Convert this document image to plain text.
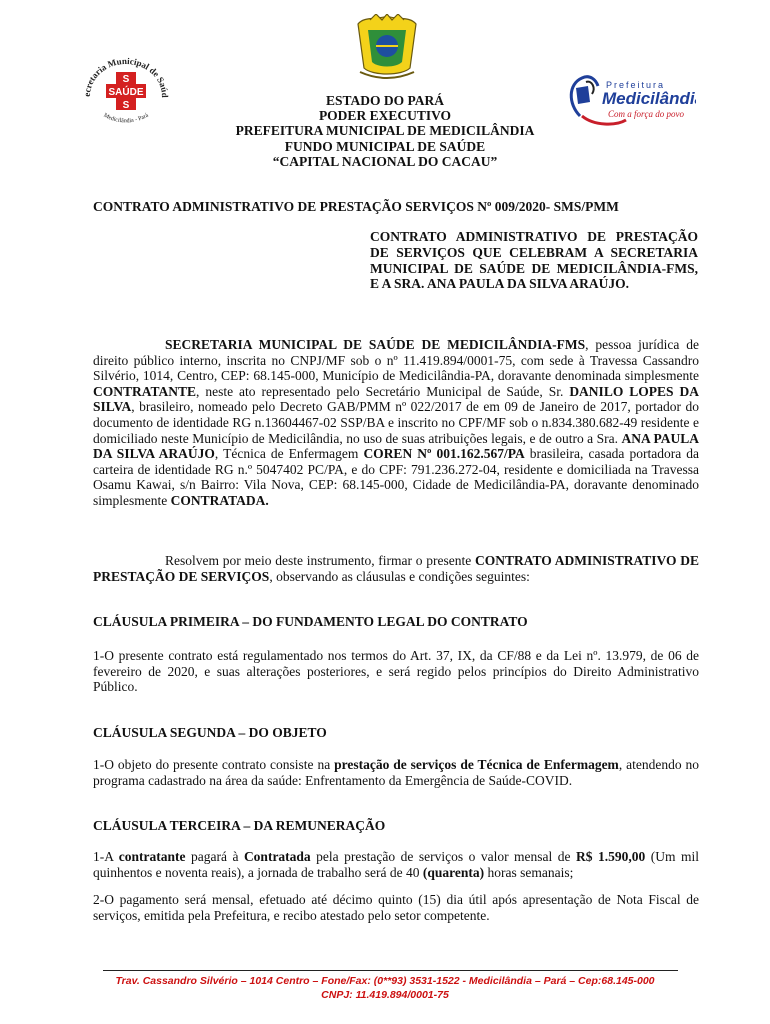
ecretaria Municipal de Saúd
Medicilândia - Pará
S
SAÚDE
S
Prefeitura
Medicilândia
Com a força do povo
ESTADO DO PARÁ
PODER EXECUTIVO
PREFEITURA MUNICIPAL DE MEDICILÂNDIA
FUNDO MUNICIPAL DE SAÚDE
“CAPITAL NACIONAL DO CACAU”
CONTRATO ADMINISTRATIVO DE PRESTAÇÃO SERVIÇOS Nº 009/2020- SMS/PMM
CONTRATO ADMINISTRATIVO DE PRESTAÇÃO DE SERVIÇOS QUE CELEBRAM A SECRETARIA MUNICIPAL DE SAÚDE DE MEDICILÂNDIA-FMS, E A SRA. ANA PAULA DA SILVA ARAÚJO.
SECRETARIA MUNICIPAL DE SAÚDE DE MEDICILÂNDIA-FMS, pessoa jurídica de direito público interno, inscrita no CNPJ/MF sob o nº 11.419.894/0001-75, com sede à Travessa Cassandro Silvério, 1014, Centro, CEP: 68.145-000, Município de Medicilândia-PA, doravante denominada simplesmente CONTRATANTE, neste ato representado pelo Secretário Municipal de Saúde, Sr. DANILO LOPES DA SILVA, brasileiro, nomeado pelo Decreto GAB/PMM nº 022/2017 de em 09 de Janeiro de 2017, portador do documento de identidade RG n.13604467-02 SSP/BA e inscrito no CPF/MF sob o n.834.380.682-49 residente e domiciliado neste Município de Medicilândia, no uso de suas atribuições legais, e de outro a Sra. ANA PAULA DA SILVA ARAÚJO, Técnica de Enfermagem COREN Nº 001.162.567/PA brasileira, casada portadora da carteira de identidade RG n.º 5047402 PC/PA, e do CPF: 791.236.272-04, residente e domiciliada na Travessa Osamu Kawai, s/n Bairro: Vila Nova, CEP: 68.145-000, Cidade de Medicilândia-PA, doravante denominado simplesmente CONTRATADA.
Resolvem por meio deste instrumento, firmar o presente CONTRATO ADMINISTRATIVO DE PRESTAÇÃO DE SERVIÇOS, observando as cláusulas e condições seguintes:
CLÁUSULA PRIMEIRA – DO FUNDAMENTO LEGAL DO CONTRATO
1-O presente contrato está regulamentado nos termos do Art. 37, IX, da CF/88 e da Lei nº. 13.979, de 06 de fevereiro de 2020, e suas alterações posteriores, e será regido pelos princípios do Direito Administrativo Público.
CLÁUSULA SEGUNDA – DO OBJETO
1-O objeto do presente contrato consiste na prestação de serviços de Técnica de Enfermagem, atendendo no programa cadastrado na área da saúde: Enfrentamento da Emergência de Saúde-COVID.
CLÁUSULA TERCEIRA – DA REMUNERAÇÃO
1-A contratante pagará à Contratada pela prestação de serviços o valor mensal de R$ 1.590,00 (Um mil quinhentos e noventa reais), a jornada de trabalho será de 40 (quarenta) horas semanais;
2-O pagamento será mensal, efetuado até décimo quinto (15) dia útil após apresentação de Nota Fiscal de serviços, emitida pela Prefeitura, e recibo atestado pelo setor competente.
Trav. Cassandro Silvério – 1014 Centro – Fone/Fax: (0**93) 3531-1522 - Medicilândia – Pará – Cep:68.145-000
CNPJ: 11.419.894/0001-75
